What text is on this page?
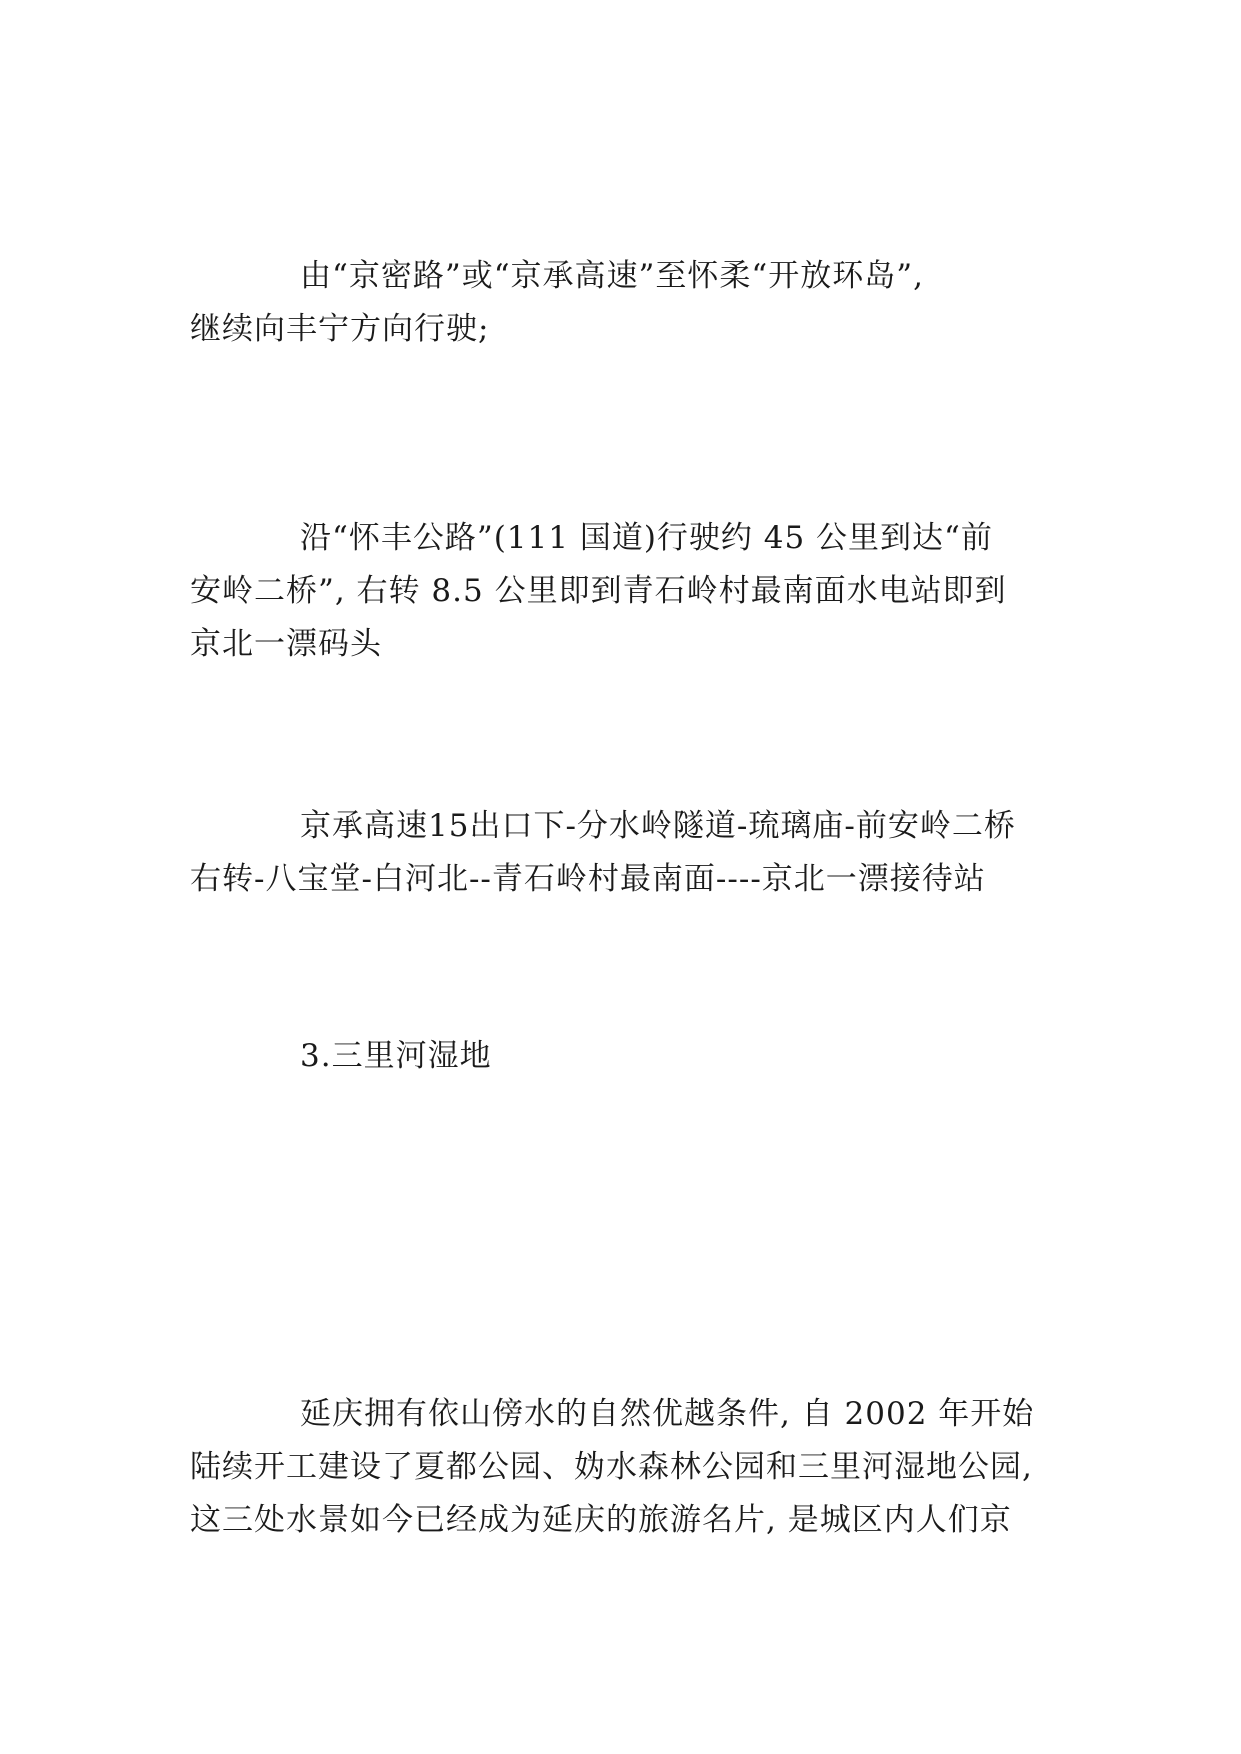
由“京密路”或“京承高速”至怀柔“开放环岛”,
继续向丰宁方向行驶;
沿“怀丰公路”(111 国道)行驶约 45 公里到达“前
安岭二桥”, 右转 8.5 公里即到青石岭村最南面水电站即到
京北一漂码头
京承高速15出口下-分水岭隧道-琉璃庙-前安岭二桥
右转-八宝堂-白河北--青石岭村最南面----京北一漂接待站
3.三里河湿地
延庆拥有依山傍水的自然优越条件, 自 2002 年开始
陆续开工建设了夏都公园、妫水森林公园和三里河湿地公园,
这三处水景如今已经成为延庆的旅游名片, 是城区内人们京
